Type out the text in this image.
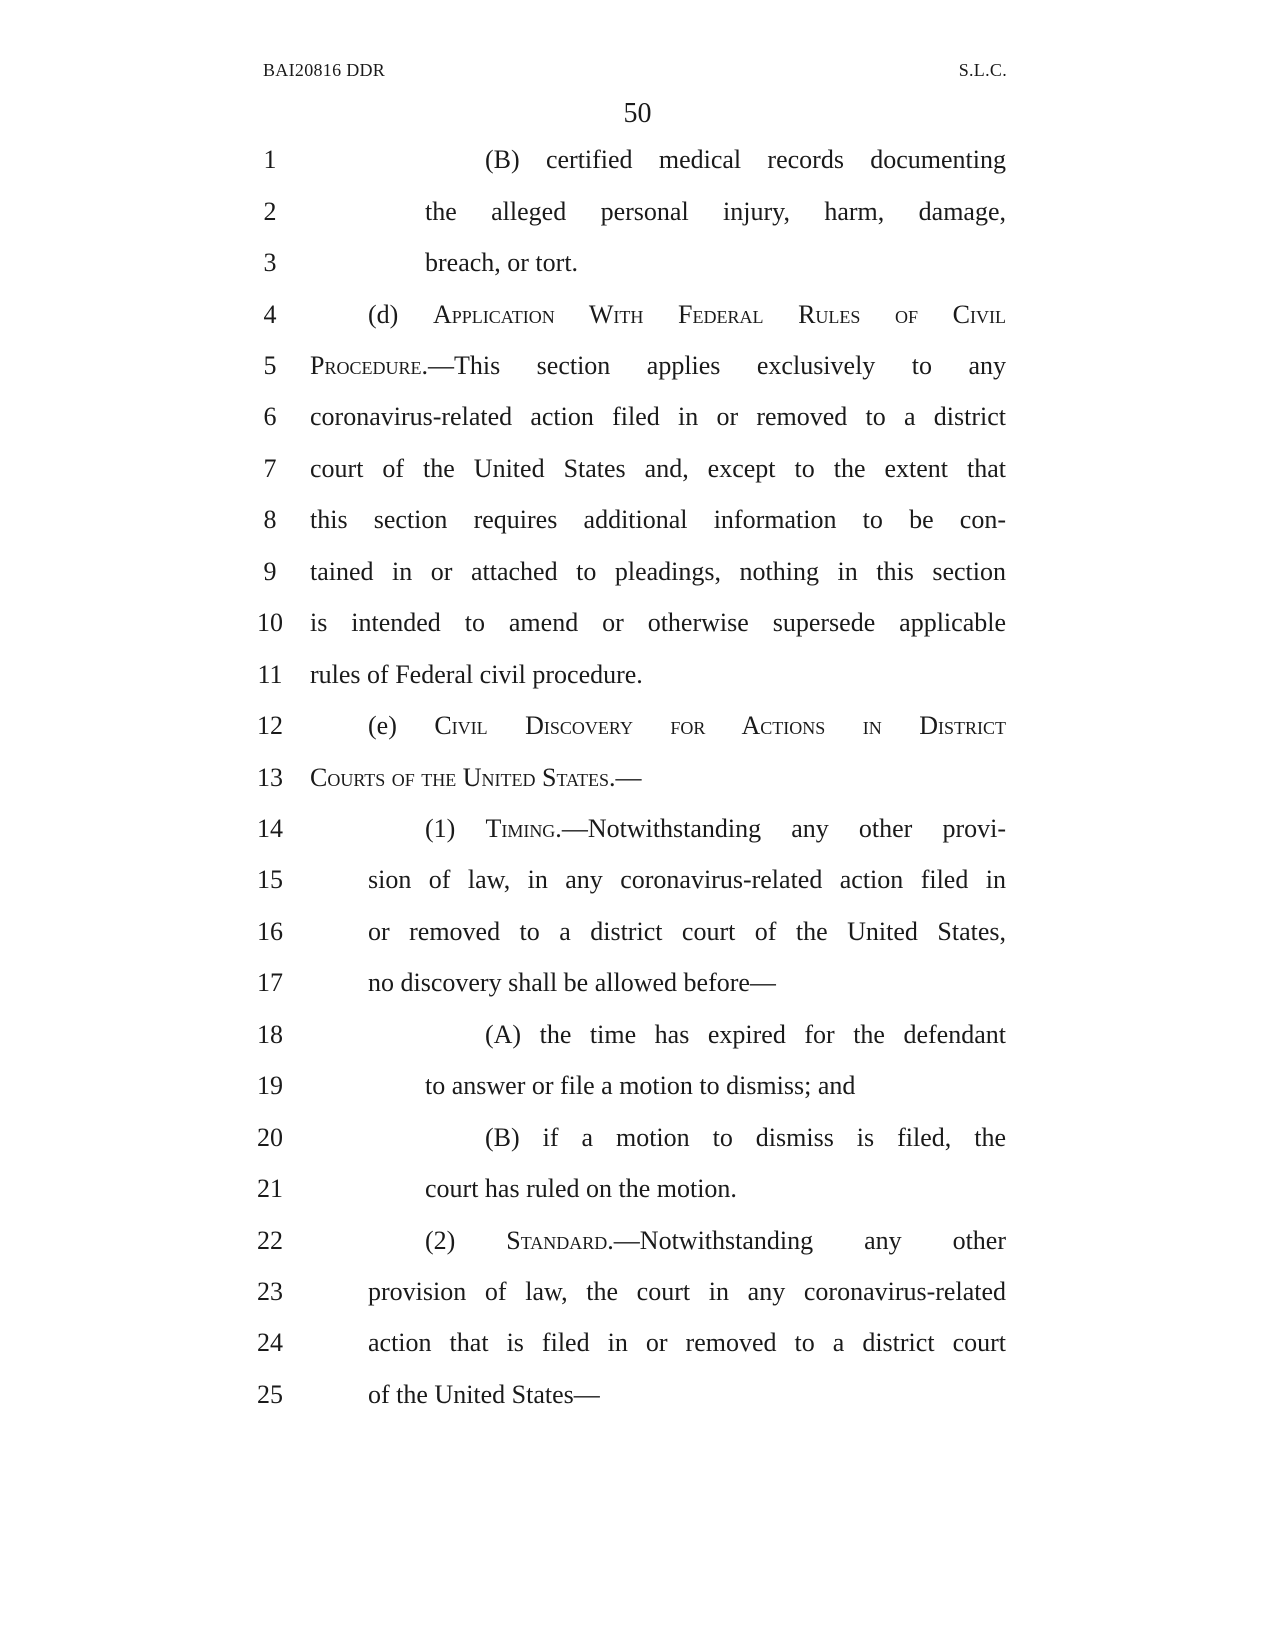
BAI20816 DDR	S.L.C.
50
1	(B) certified medical records documenting
2	the alleged personal injury, harm, damage,
3	breach, or tort.
4	(d) Application With Federal Rules of Civil
5	Procedure.—This section applies exclusively to any
6	coronavirus-related action filed in or removed to a district
7	court of the United States and, except to the extent that
8	this section requires additional information to be con-
9	tained in or attached to pleadings, nothing in this section
10 is intended to amend or otherwise supersede applicable
11 rules of Federal civil procedure.
12	(e) Civil Discovery for Actions in District
13 Courts of the United States.—
14	(1) Timing.—Notwithstanding any other provi-
15	sion of law, in any coronavirus-related action filed in
16	or removed to a district court of the United States,
17	no discovery shall be allowed before—
18	(A) the time has expired for the defendant
19	to answer or file a motion to dismiss; and
20	(B) if a motion to dismiss is filed, the
21	court has ruled on the motion.
22	(2) Standard.—Notwithstanding any other
23	provision of law, the court in any coronavirus-related
24	action that is filed in or removed to a district court
25	of the United States—
